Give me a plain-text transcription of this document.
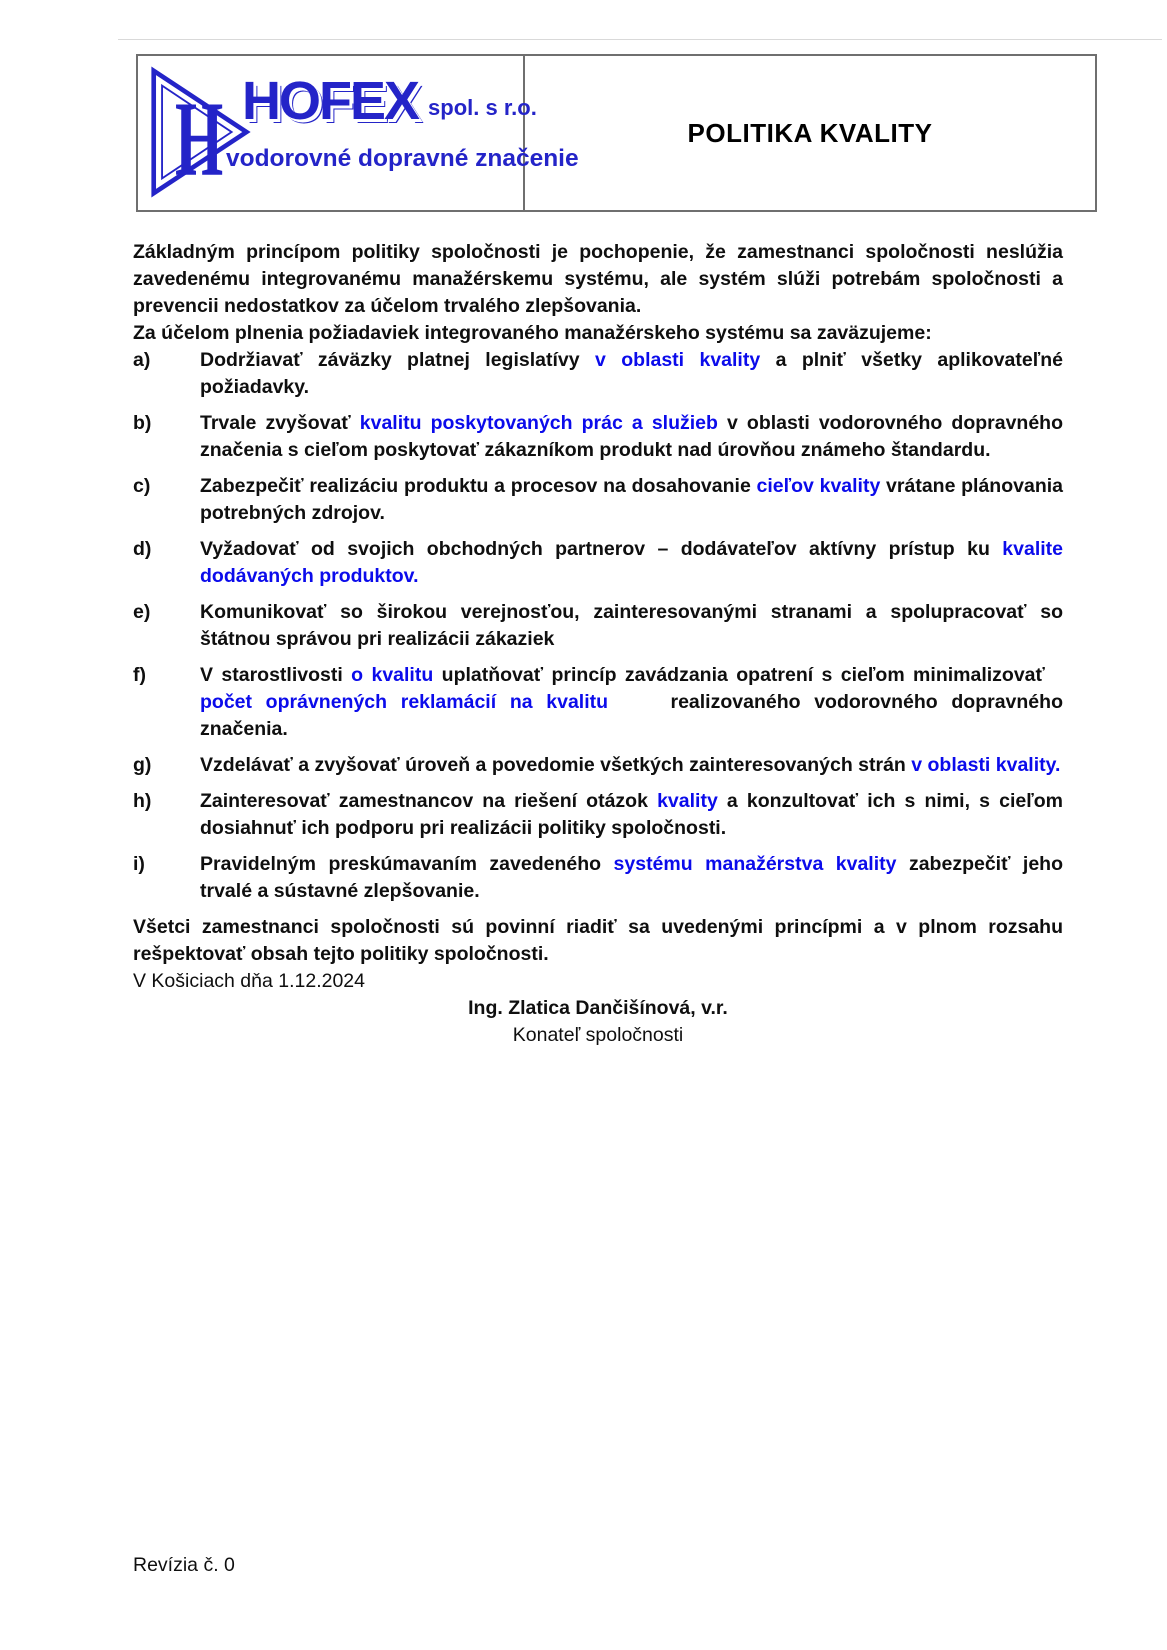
H HOFEX spol. s r.o.
vodorovné dopravné značenie
POLITIKA KVALITY

Základným princípom politiky spoločnosti je pochopenie, že zamestnanci spoločnosti neslúžia zavedenému integrovanému manažérskemu systému, ale systém slúži potrebám spoločnosti a prevencii nedostatkov za účelom trvalého zlepšovania.

Za účelom plnenia požiadaviek integrovaného manažérskeho systému sa zaväzujeme:

a)	Dodržiavať záväzky platnej legislatívy v oblasti kvality a plniť všetky aplikovateľné požiadavky.
b)	Trvale zvyšovať kvalitu poskytovaných prác a služieb v oblasti vodorovného dopravného značenia s cieľom poskytovať zákazníkom produkt nad úrovňou známeho štandardu.
c)	Zabezpečiť realizáciu produktu a procesov na dosahovanie cieľov kvality vrátane plánovania potrebných zdrojov.
d)	Vyžadovať od svojich obchodných partnerov – dodávateľov aktívny prístup ku kvalite dodávaných produktov.
e)	Komunikovať so širokou verejnosťou, zainteresovanými stranami a spolupracovať so štátnou správou pri realizácii zákaziek
f)	V starostlivosti o kvalitu uplatňovať princíp zavádzania opatrení s cieľom minimalizovať  počet oprávnených reklamácií na kvalitu    realizovaného vodorovného dopravného značenia.
g)	Vzdelávať a zvyšovať úroveň a povedomie všetkých zainteresovaných strán v oblasti kvality.
h)	Zainteresovať zamestnancov na riešení otázok kvality a konzultovať ich s nimi, s cieľom dosiahnuť ich podporu pri realizácii politiky spoločnosti.
i)	Pravidelným preskúmavaním zavedeného systému manažérstva kvality zabezpečiť jeho trvalé a sústavné zlepšovanie.

Všetci zamestnanci spoločnosti sú povinní riadiť sa uvedenými princípmi a v plnom rozsahu rešpektovať obsah tejto politiky spoločnosti.

V Košiciach dňa 1.12.2024

Ing. Zlatica Dančišínová, v.r.

Konateľ spoločnosti

Revízia č. 0
